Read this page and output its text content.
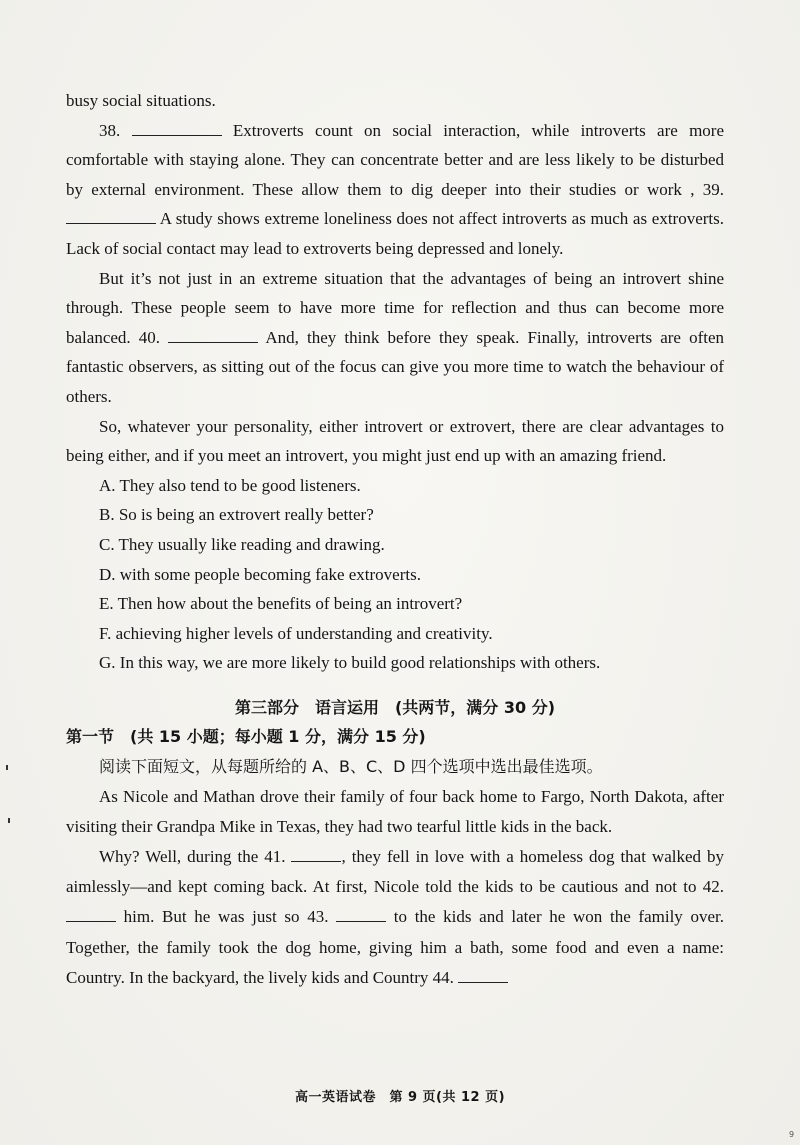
busy social situations.

38.	Extroverts count on social interaction, while introverts are more comfortable with staying alone. They can concentrate better and are less likely to be disturbed by external environment. These allow them to dig deeper into their studies or work , 39.  A study shows extreme loneliness does not affect introverts as much as extroverts. Lack of social contact may lead to extroverts being depressed and lonely.

But it’s not just in an extreme situation that the advantages of being an introvert shine through. These people seem to have more time for reflection and thus can become more balanced. 40.	And, they think before they speak. Finally, introverts are often fantastic observers, as sitting out of the focus can give you more time to watch the behaviour of others.

So, whatever your personality, either introvert or extrovert, there are clear advantages to being either, and if you meet an introvert, you might just end up with an amazing friend.

A. They also tend to be good listeners.

B. So is being an extrovert really better?

C. They usually like reading and drawing.

D. with some people becoming fake extroverts.

E. Then how about the benefits of being an introvert?

F. achieving higher levels of understanding and creativity.

G. In this way, we are more likely to build good relationships with others.

第三部分　语言运用　(共两节，满分 30 分)

第一节　(共 15 小题；每小题 1 分，满分 15 分)

阅读下面短文，从每题所给的 A、B、C、D 四个选项中选出最佳选项。

As Nicole and Mathan drove their family of four back home to Fargo, North Dakota, after visiting their Grandpa Mike in Texas, they had two tearful little kids in the back.

Why? Well, during the 41.	, they fell in love with a homeless dog that walked by aimlessly—and kept coming back. At first, Nicole told the kids to be cautious and not to 42.  him. But he was just so 43.	to the kids and later he won the family over. Together, the family took the dog home, giving him a bath, some food and even a name: Country. In the backyard, the lively kids and Country 44.

高一英语试卷　第 9 页(共 12 页)
9
